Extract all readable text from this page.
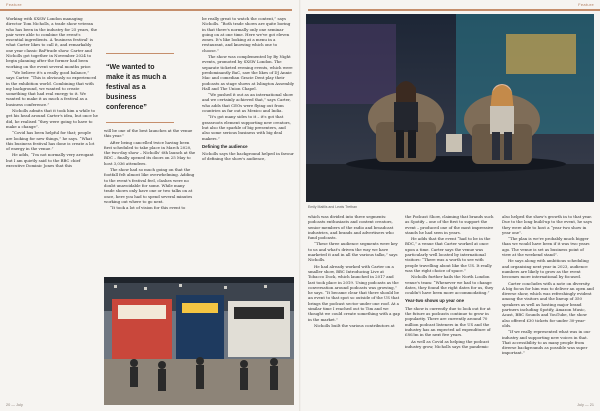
Feature	Feature

Working with SXSW London managing director Tom Nicholls, a trade show veteran who has been in the industry for 25 years, the pair were able to combine the event's essential ingredients. A 'business festival' is what Carter likes to call it, and remarkably one year classic BaFtrade show. Carter and Nicholls got together in November 2024 to begin planning after the former had been working on the event several months prior.

“We believe it's a really good balance,” says Carter. “This is obviously so experienced in the exhibition world. Combining that with my background, we wanted to create something that had real energy to it. We wanted to make it as much a festival as a business conference.”

Nicholls admits that it took him a while to get his head around Carter's idea, but once he did, he realised “they were going to have to make a change”.

“Covid has been helpful for that; people are looking for new things,” he says. “What this business festival has done is create a lot of energy in the venue.”

He adds, “I'm not normally very arrogant but I am quietly said to the BBC chief executive Dominic Jones that this

“We wanted to make it as much a festival as a business conference”

will be one of the best launches at the venue this year.”

After being cancelled twice having been first scheduled to take place in March 2020, the two-day show – Nicholls' 6th launch at the BDC – finally opened its doors on 25 May to host 3,036 attendees.

The show had so much going on that the footfall felt almost like overwhelming. Adding to the event's festival feel, clashes were no doubt unavoidable for some. While many trade shows only have one or two talks on at once, here you had to spend several minutes working out where to go next.

“It took a lot of vision for this event to

be really great to watch the content,” says Nicholls. “Both trade shows are quite boring in that there's normally only one seminar going on at one time. Here we've got eleven zones. It's like looking at a menu in a restaurant, and knowing which one to choose.”

The show was complemented by By Night events, promoted by SXSW London. The separate ticketed evening events, which were predominantly BaC, saw the likes of DJ Annie Mac and comedian Gracie Dent play their podcasts as stage shows at Islington Assembly Hall and The Union Chapel.

“We pushed it out as an international show and we certainly achieved that,” says Carter, who adds that CEOs were flying out from countries as far out as Mexico and India.

“It's got many sides to it – it's got that grassroots element supporting new creators, but also the sparkle of big presenters, and also some serious business with big deal makers.”

Defining the audience

Nicholls says the background helped in favour of defining the show's audience,

Emily Maitlis and Lewis Trethan

which was divided into three segments: podcasts enthusiasts and content creators, senior members of the radio and broadcast industries, and brands and advertisers who fund podcasts.

“These three audience segments were key to us and what's driven the way we have marketed it and in all the various talks,” says Nicholls.

He had already worked with Carter on a smaller show, BBC Introducing Live at Tobacco Dock, which launched in 2017 and last took place in 2019. Using podcasts as the conversation around podcasts was growing,” he says. “It became clear that there should be an event to that spot so outside of the US that brings the podcast sector under one roof. At a similar time I reached out to Tim and we thought we could create something with a gap in the market.”

Nicholls built the various contributors at

the Podcast Show, claiming that brands such as Spotify – one of the first to support the event – produced one of the most impressive stands he had seen in years.

He adds that the event “had to be in the BDC,” a venue that Carter worked at once upon a time. Carter says the venue was particularly well located by international visitors: “There was a worth to see with people travelling about like the US. It really was the right choice of space.”

Nicholls further hails the North London venue's team: “Whenever we had to change dates, they found the right dates for us, they couldn't have been more accommodating.”

Year-two shows up year one

The show is currently due to look out for at the future as podcasts continue to grow in popularity. There are currently around 70 million podcast listeners in the US and the industry has an expected ad expenditure of £803m in the next five years.

As well as Covid as helping the podcast industry grow, Nicholls says the pandemic

also helped the show's growth in to that year. Due to the long build-up to the event, he says they were able to host a “year two show in year one”.

“The plan is we're probably much bigger than we would have been if it was two years ago. The venue is set as business point of view at the weekend stand”.

He says along with ambitious scheduling and organising next year in 2023, audience numbers are likely to grow as the event becomes more international by focused.

Carter concludes with a note on diversity. A big focus for him was to deliver an open and diverse show, which was refreshingly evident among the visitors and the lineup of 350 speakers as well as hosting major brand partners including Spotify, Amazon Music, Acast, BBC Sounds and YouTube, the show also offered £30 tickets for under 30-year-olds.

“If we really represented what was in our industry and supporting new voices in that. That accessibility to as many people from diverse backgrounds as possible was super important.”

20 — July	July — 21
